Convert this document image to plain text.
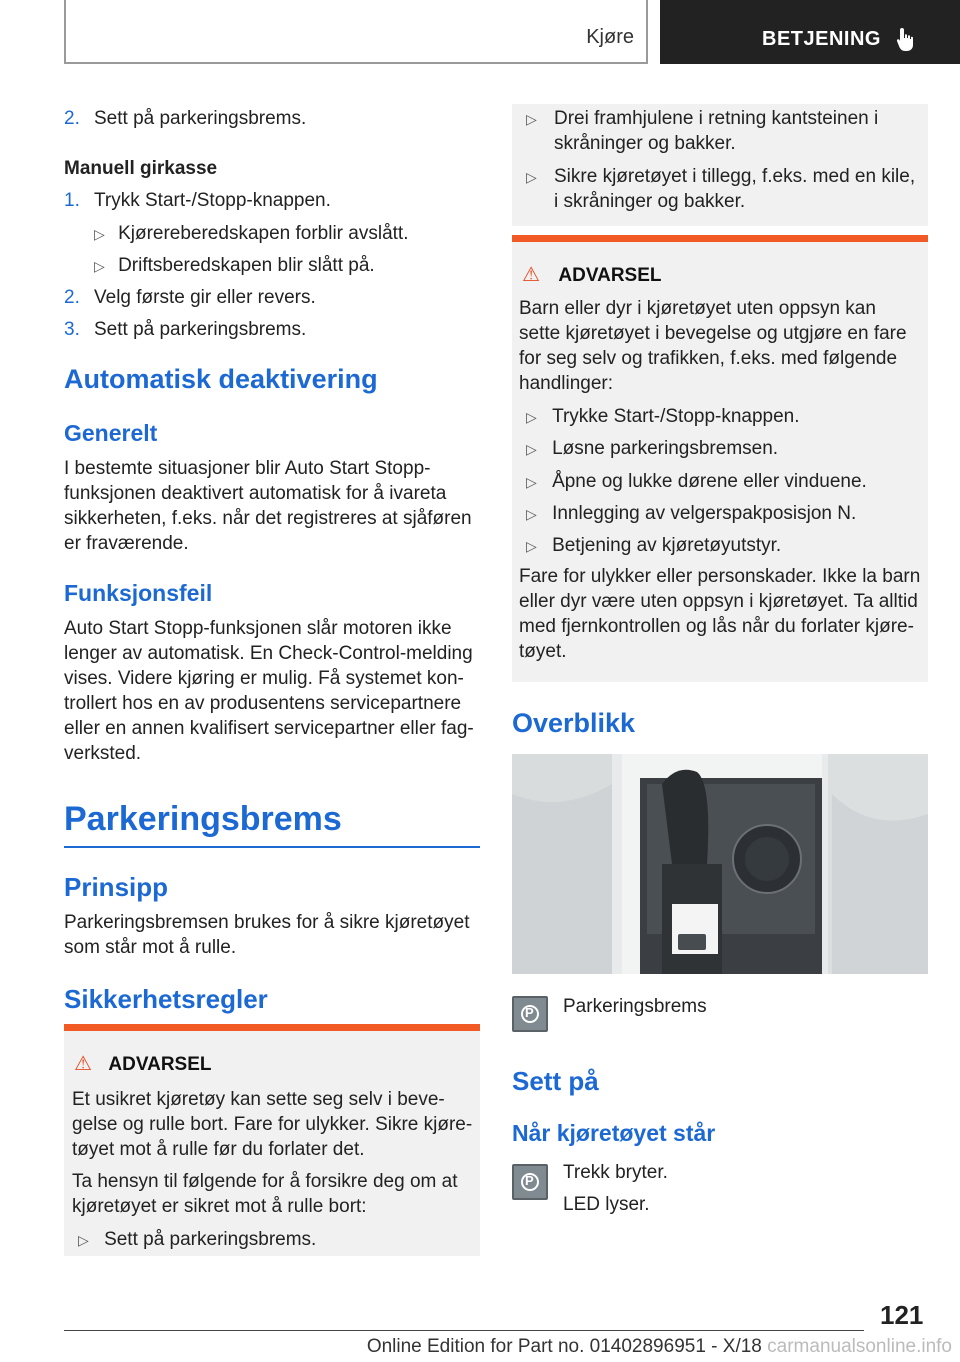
Kjøre	BETJENING
2. Sett på parkeringsbrems.
Manuell girkasse
1. Trykk Start-/Stopp-knappen.
▷ Kjørereberedskapen forblir avslått.
▷ Driftsberedskapen blir slått på.
2. Velg første gir eller revers.
3. Sett på parkeringsbrems.
Automatisk deaktivering
Generelt
I bestemte situasjoner blir Auto Start Stopp-
funksjonen deaktivert automatisk for å ivareta
sikkerheten, f.eks. når det registreres at sjåføren
er fraværende.
Funksjonsfeil
Auto Start Stopp-funksjonen slår motoren ikke
lenger av automatisk. En Check-Control-melding
vises. Videre kjøring er mulig. Få systemet kon-
trollert hos en av produsentens servicepartnere
eller en annen kvalifisert servicepartner eller fag-
verksted.
Parkeringsbrems
Prinsipp
Parkeringsbremsen brukes for å sikre kjøretøyet
som står mot å rulle.
Sikkerhetsregler
⚠ ADVARSEL
Et usikret kjøretøy kan sette seg selv i beve-
gelse og rulle bort. Fare for ulykker. Sikre kjøre-
tøyet mot å rulle før du forlater det.
Ta hensyn til følgende for å forsikre deg om at
kjøretøyet er sikret mot å rulle bort:
▷ Sett på parkeringsbrems.
▷ Drei framhjulene i retning kantsteinen i
skråninger og bakker.
▷ Sikre kjøretøyet i tillegg, f.eks. med en kile,
i skråninger og bakker.
⚠ ADVARSEL
Barn eller dyr i kjøretøyet uten oppsyn kan
sette kjøretøyet i bevegelse og utgjøre en fare
for seg selv og trafikken, f.eks. med følgende
handlinger:
▷ Trykke Start-/Stopp-knappen.
▷ Løsne parkeringsbremsen.
▷ Åpne og lukke dørene eller vinduene.
▷ Innlegging av velgerspakposisjon N.
▷ Betjening av kjøretøyutstyr.
Fare for ulykker eller personskader. Ikke la barn
eller dyr være uten oppsyn i kjøretøyet. Ta alltid
med fjernkontrollen og lås når du forlater kjøre-
tøyet.
Overblikk
P Parkeringsbrems
Sett på
Når kjøretøyet står
P Trekk bryter.
LED lyser.
121
Online Edition for Part no. 01402896951 - X/18 carmanualsonline.info
